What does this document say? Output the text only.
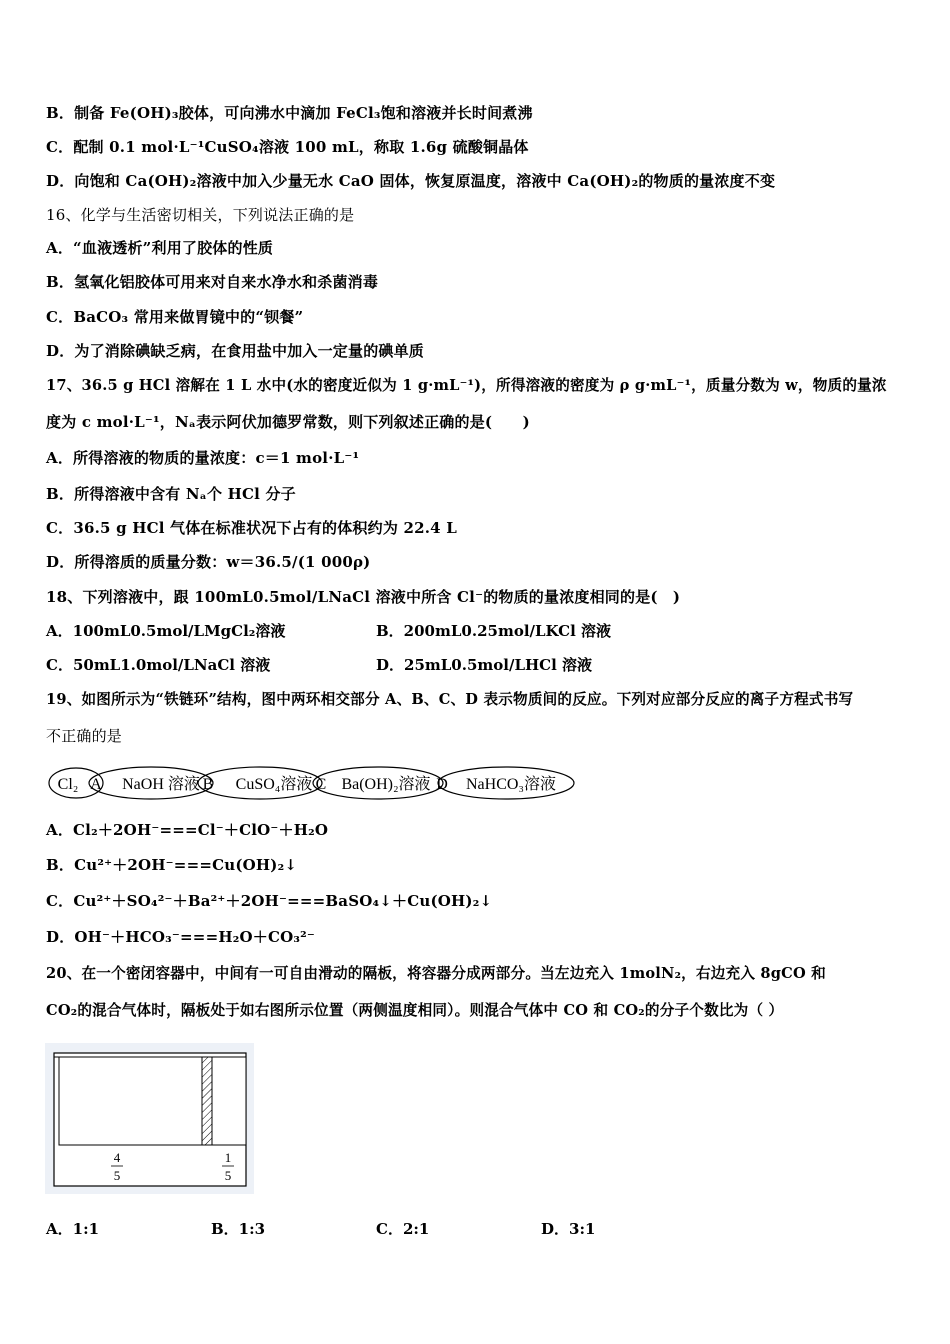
B．制备 Fe(OH)₃胶体，可向沸水中滴加 FeCl₃饱和溶液并长时间煮沸
C．配制 0.1 mol·L⁻¹CuSO₄溶液 100 mL，称取 1.6g 硫酸铜晶体
D．向饱和 Ca(OH)₂溶液中加入少量无水 CaO 固体，恢复原温度，溶液中 Ca(OH)₂的物质的量浓度不变
16、化学与生活密切相关，下列说法正确的是
A．“血液透析”利用了胶体的性质
B．氢氧化铝胶体可用来对自来水净水和杀菌消毒
C．BaCO₃ 常用来做胃镜中的“钡餐”
D．为了消除碘缺乏病，在食用盐中加入一定量的碘单质
17、36.5 g HCl 溶解在 1 L 水中(水的密度近似为 1 g·mL⁻¹)，所得溶液的密度为 ρ g·mL⁻¹，质量分数为 w，物质的量浓
度为 c mol·L⁻¹，Nₐ表示阿伏加德罗常数，则下列叙述正确的是(　　)
A．所得溶液的物质的量浓度：c＝1 mol·L⁻¹
B．所得溶液中含有 Nₐ个 HCl 分子
C．36.5 g HCl 气体在标准状况下占有的体积约为 22.4 L
D．所得溶质的质量分数：w＝36.5/(1 000ρ)
18、下列溶液中，跟 100mL0.5mol/LNaCl 溶液中所含 Cl⁻的物质的量浓度相同的是(　)
A．100mL0.5mol/LMgCl₂溶液	B．200mL0.25mol/LKCl 溶液
C．50mL1.0mol/LNaCl 溶液	D．25mL0.5mol/LHCl 溶液
19、如图所示为“铁链环”结构，图中两环相交部分 A、B、C、D 表示物质间的反应。下列对应部分反应的离子方程式书写
不正确的是
Cl₂	NaOH 溶液 CuSO₄溶液 Ba(OH)₂溶液 NaHCO₃溶液
A	B	C	D
A．Cl₂＋2OH⁻===Cl⁻＋ClO⁻＋H₂O
B．Cu²⁺＋2OH⁻===Cu(OH)₂↓
C．Cu²⁺＋SO₄²⁻＋Ba²⁺＋2OH⁻===BaSO₄↓＋Cu(OH)₂↓
D．OH⁻＋HCO₃⁻===H₂O＋CO₃²⁻
20、在一个密闭容器中，中间有一可自由滑动的隔板，将容器分成两部分。当左边充入 1molN₂，右边充入 8gCO 和
CO₂的混合气体时，隔板处于如右图所示位置（两侧温度相同）。则混合气体中 CO 和 CO₂的分子个数比为（ ）
4
5
1
5
A．1:1	B．1:3	C．2:1	D．3:1
